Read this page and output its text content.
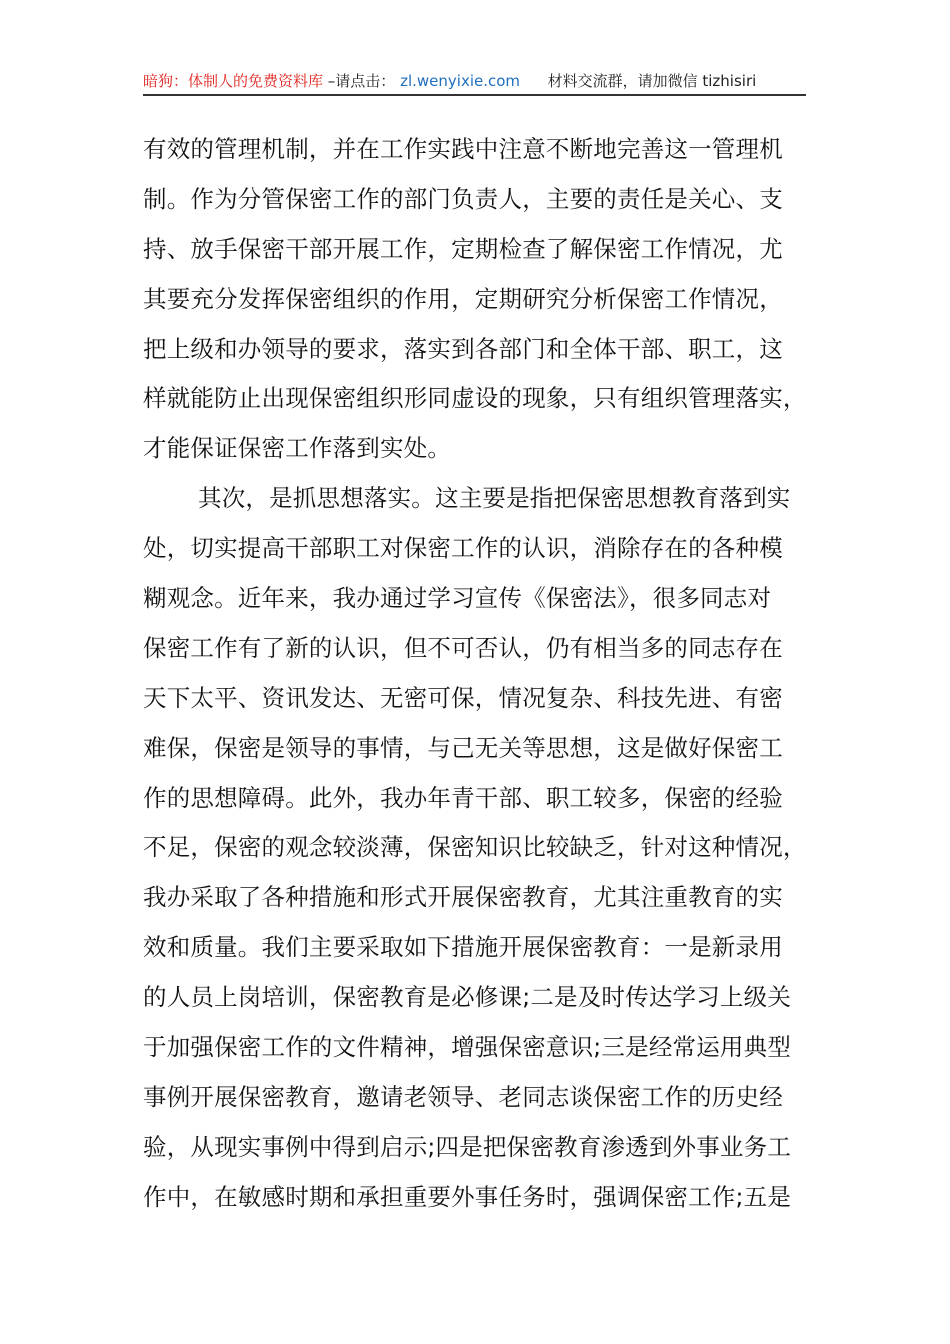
暗狗：体制人的免费资料库 –请点击： zl.wenyixie.com 材料交流群，请加微信 tizhisiri
有效的管理机制，并在工作实践中注意不断地完善这一管理机
制。作为分管保密工作的部门负责人，主要的责任是关心、支
持、放手保密干部开展工作，定期检查了解保密工作情况，尤
其要充分发挥保密组织的作用，定期研究分析保密工作情况，
把上级和办领导的要求，落实到各部门和全体干部、职工，这
样就能防止出现保密组织形同虚设的现象，只有组织管理落实，
才能保证保密工作落到实处。
其次，是抓思想落实。这主要是指把保密思想教育落到实
处，切实提高干部职工对保密工作的认识，消除存在的各种模
糊观念。近年来，我办通过学习宣传《保密法》，很多同志对
保密工作有了新的认识，但不可否认，仍有相当多的同志存在
天下太平、资讯发达、无密可保，情况复杂、科技先进、有密
难保，保密是领导的事情，与己无关等思想，这是做好保密工
作的思想障碍。此外，我办年青干部、职工较多，保密的经验
不足，保密的观念较淡薄，保密知识比较缺乏，针对这种情况，
我办采取了各种措施和形式开展保密教育，尤其注重教育的实
效和质量。我们主要采取如下措施开展保密教育：一是新录用
的人员上岗培训，保密教育是必修课;二是及时传达学习上级关
于加强保密工作的文件精神，增强保密意识;三是经常运用典型
事例开展保密教育，邀请老领导、老同志谈保密工作的历史经
验，从现实事例中得到启示;四是把保密教育渗透到外事业务工
作中，在敏感时期和承担重要外事任务时，强调保密工作;五是
